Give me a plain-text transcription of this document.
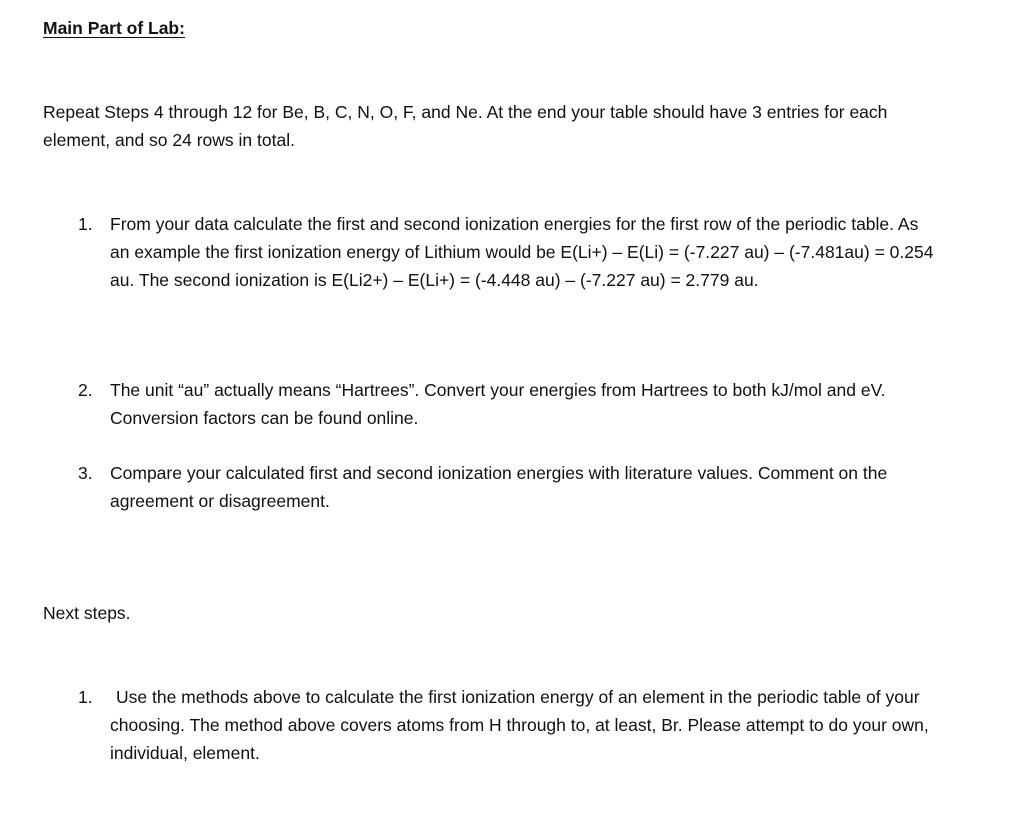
Main Part of Lab:

Repeat Steps 4 through 12 for Be, B, C, N, O, F, and Ne. At the end your table should have 3 entries for each element, and so 24 rows in total.

1. From your data calculate the first and second ionization energies for the first row of the periodic table. As an example the first ionization energy of Lithium would be E(Li+) – E(Li) = (-7.227 au) – (-7.481au) = 0.254 au. The second ionization is E(Li2+) – E(Li+) = (-4.448 au) – (-7.227 au) = 2.779 au.
2. The unit “au” actually means “Hartrees”. Convert your energies from Hartrees to both kJ/mol and eV. Conversion factors can be found online.
3. Compare your calculated first and second ionization energies with literature values. Comment on the agreement or disagreement.
Next steps.
1.	Use the methods above to calculate the first ionization energy of an element in the periodic table of your choosing. The method above covers atoms from H through to, at least, Br. Please attempt to do your own, individual, element.
